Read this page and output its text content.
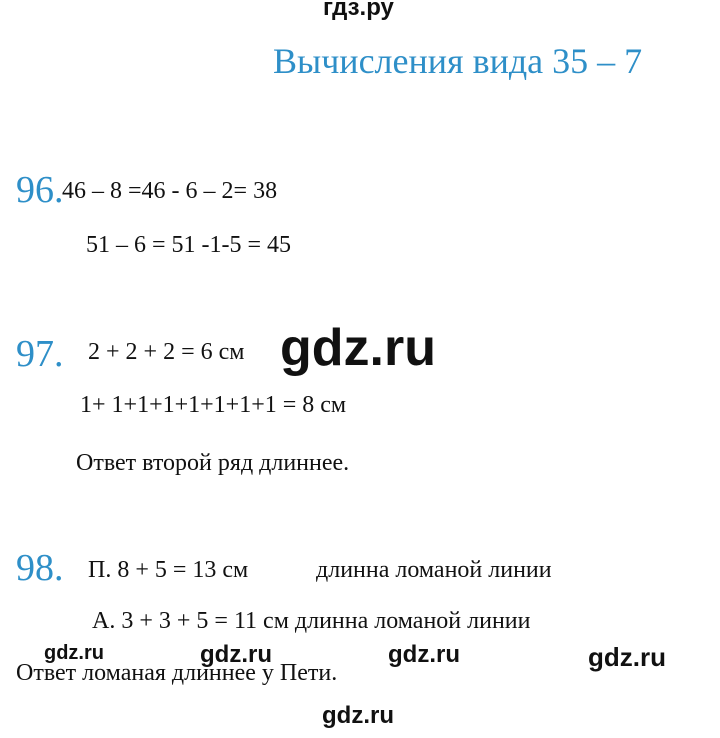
гдз.ру
Вычисления вида 35 – 7
96.
46 – 8 =46 - 6 – 2= 38
51 – 6 = 51 -1-5 = 45
97. 2 + 2 + 2 = 6 см
1+ 1+1+1+1+1+1+1 = 8 см
Ответ второй ряд длиннее.
gdz.ru
98. П. 8 + 5 = 13 см	длинна ломаной линии
А. 3 + 3 + 5 = 11 см длинна ломаной линии
gdz.ru	gdz.ru	gdz.ru	gdz.ru
Ответ ломаная длиннее у Пети.
gdz.ru
